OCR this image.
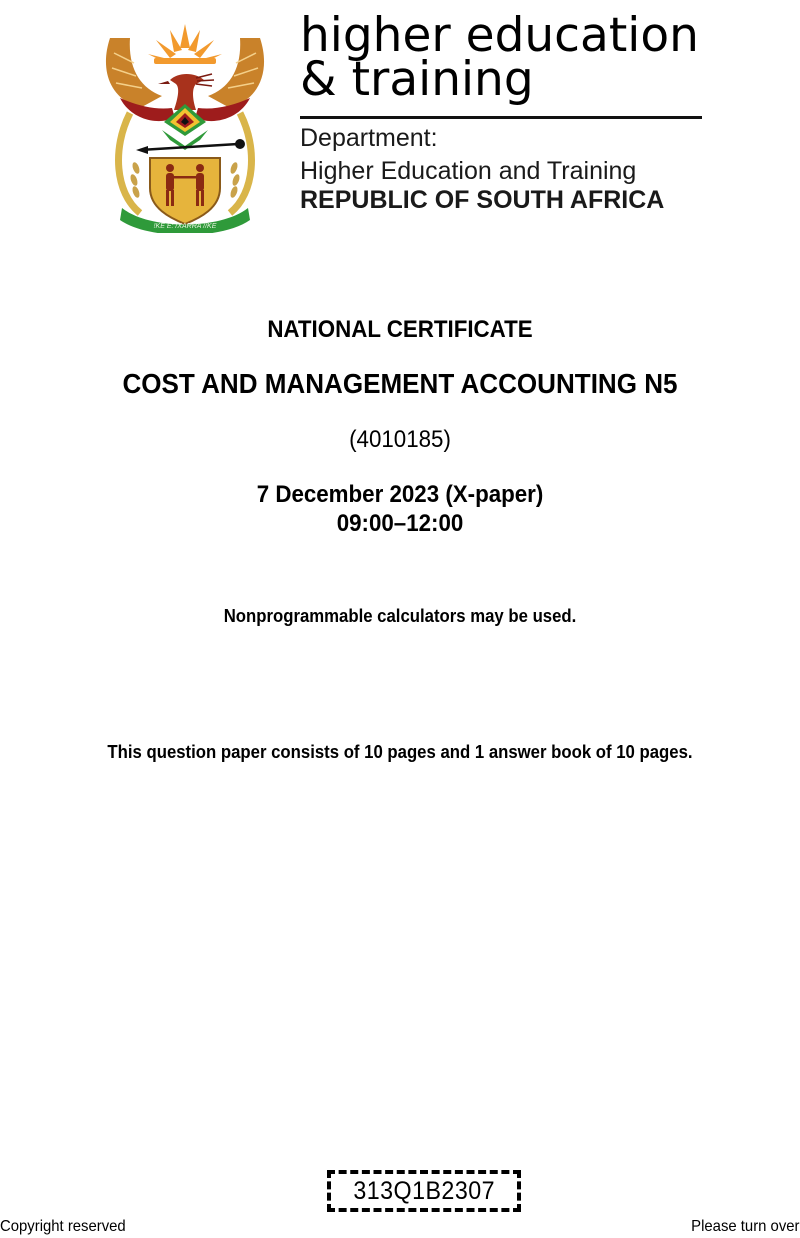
!KE E: /XARRA //KE
higher education
& training
Department:
Higher Education and Training
REPUBLIC OF SOUTH AFRICA
NATIONAL CERTIFICATE
COST AND MANAGEMENT ACCOUNTING N5
(4010185)
7 December 2023 (X-paper)
09:00–12:00
Nonprogrammable calculators may be used.
This question paper consists of 10 pages and 1 answer book of 10 pages.
313Q1B2307
Copyright reserved	Please turn over
